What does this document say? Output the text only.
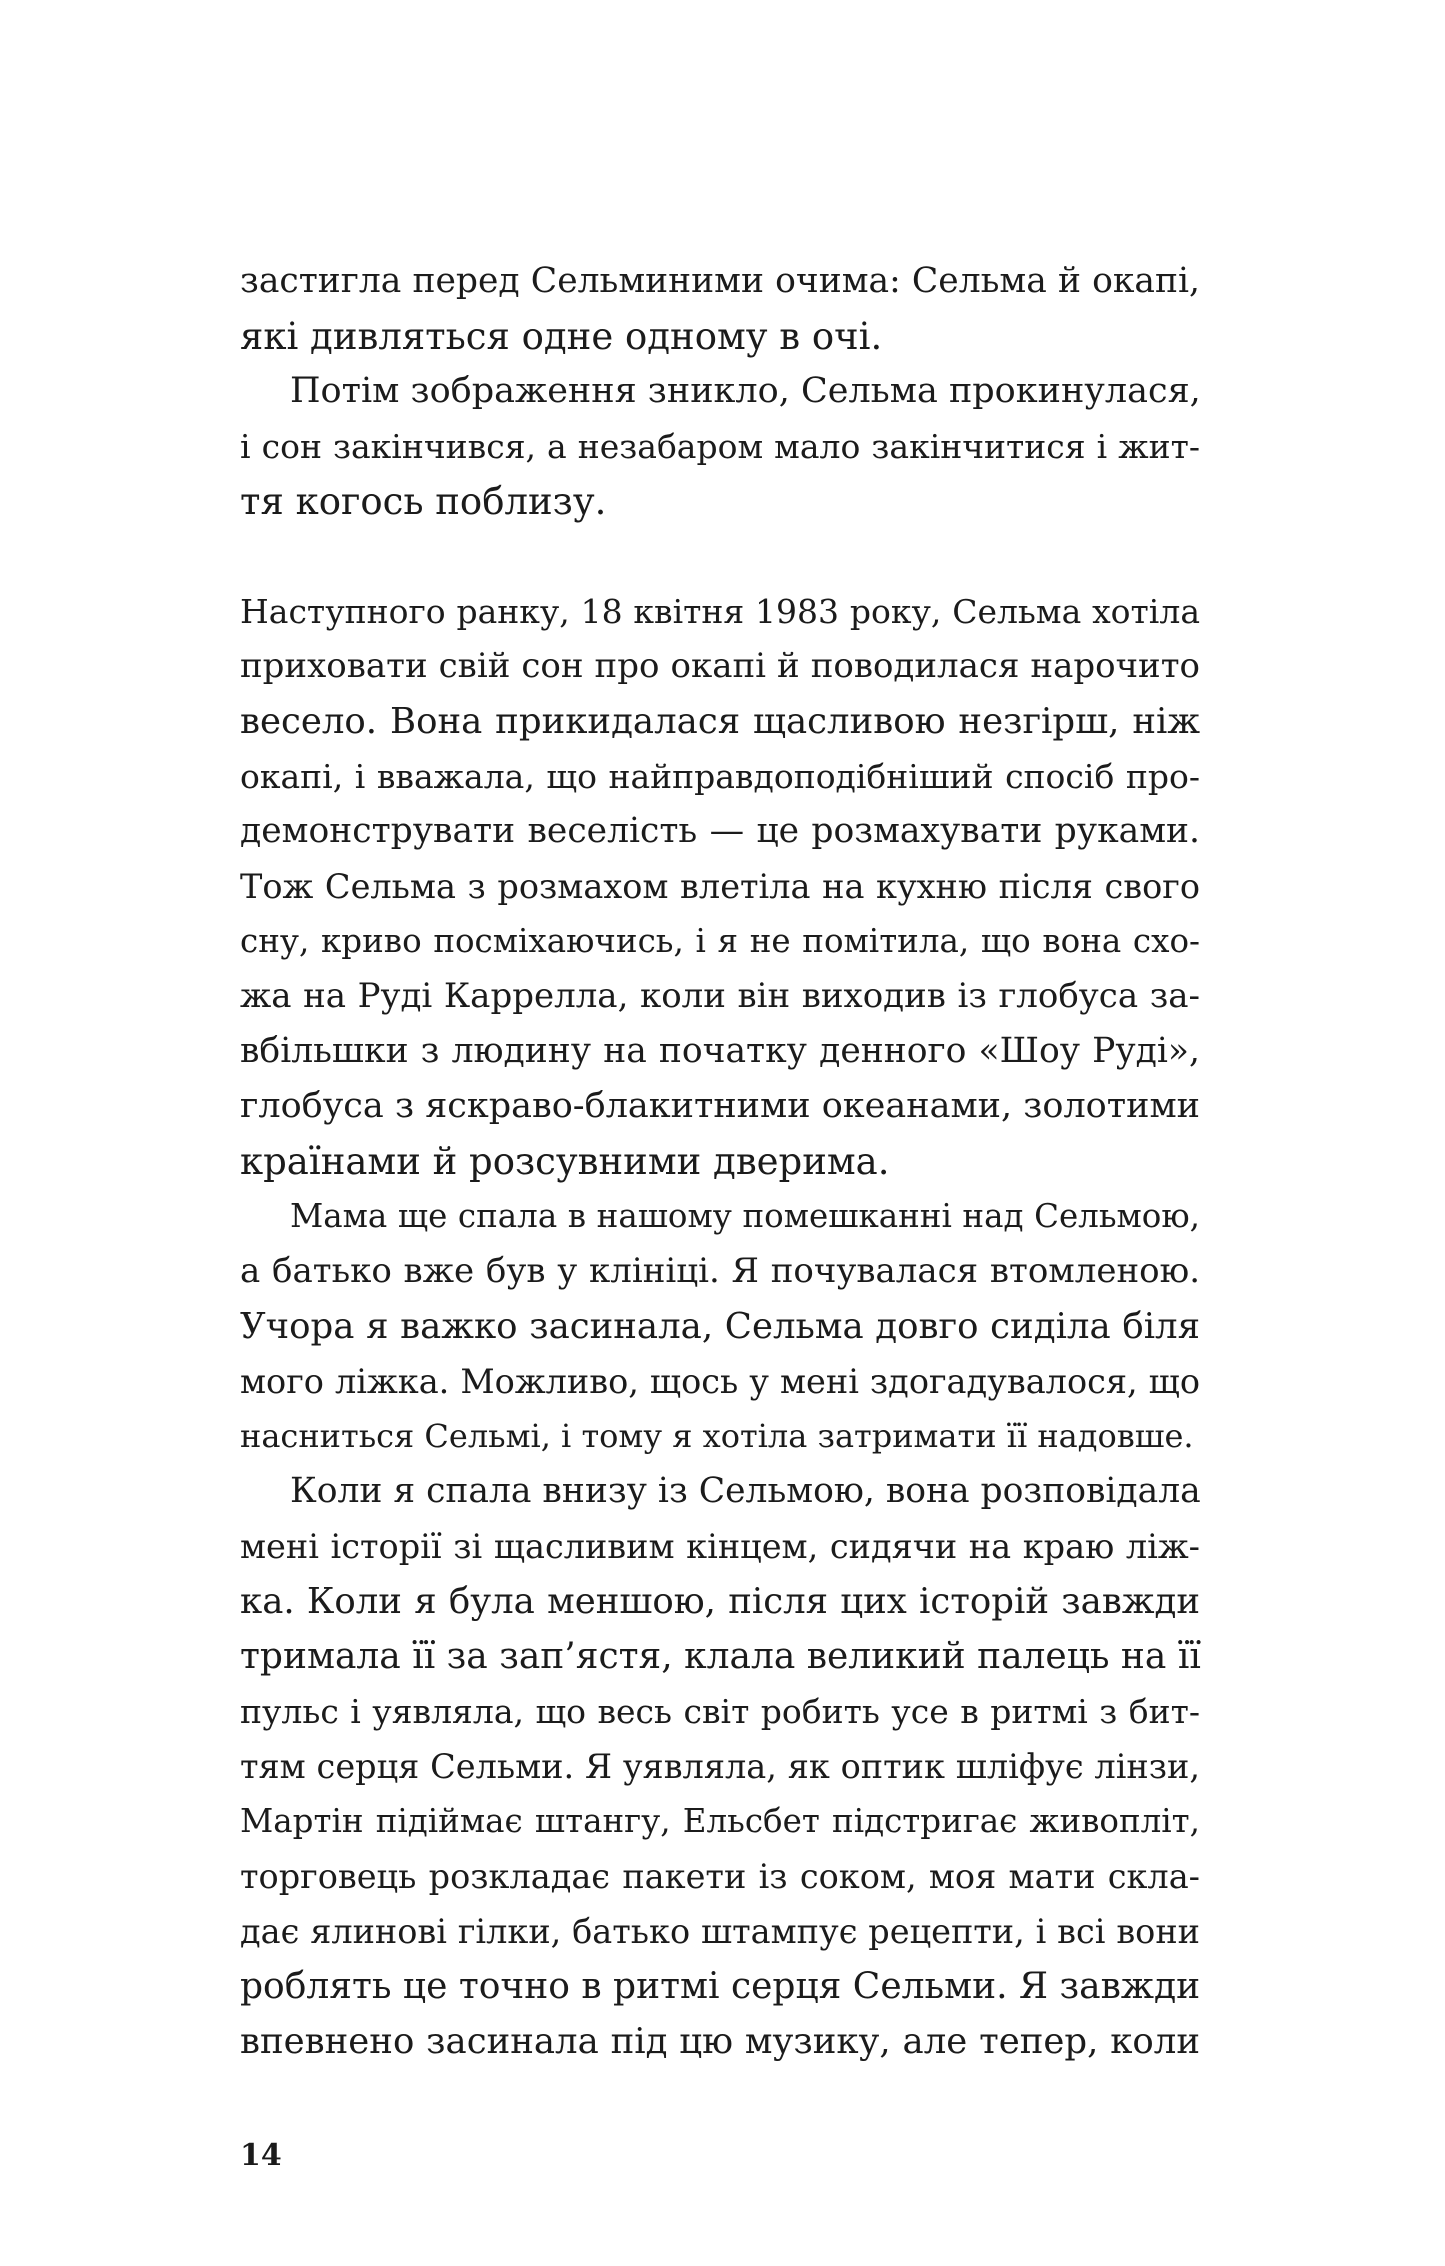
застигла перед Сельминими очима: Сельма й окапі,
які дивляться одне одному в очі.
Потім зображення зникло, Сельма прокинулася,
і сон закінчився, а незабаром мало закінчитися і жит-
тя когось поблизу.
Наступного ранку, 18 квітня 1983 року, Сельма хотіла
приховати свій сон про окапі й поводилася нарочито
весело. Вона прикидалася щасливою незгірш, ніж
окапі, і вважала, що найправдоподібніший спосіб про-
демонструвати веселість — це розмахувати руками.
Тож Сельма з розмахом влетіла на кухню після свого
сну, криво посміхаючись, і я не помітила, що вона схо-
жа на Руді Каррелла, коли він виходив із глобуса за-
вбільшки з людину на початку денного «Шоу Руді»,
глобуса з яскраво-блакитними океанами, золотими
країнами й розсувними дверима.
Мама ще спала в нашому помешканні над Сельмою,
а батько вже був у клініці. Я почувалася втомленою.
Учора я важко засинала, Сельма довго сиділа біля
мого ліжка. Можливо, щось у мені здогадувалося, що
насниться Сельмі, і тому я хотіла затримати її надовше.
Коли я спала внизу із Сельмою, вона розповідала
мені історії зі щасливим кінцем, сидячи на краю ліж-
ка. Коли я була меншою, після цих історій завжди
тримала її за зап’ястя, клала великий палець на її
пульс і уявляла, що весь світ робить усе в ритмі з бит-
тям серця Сельми. Я уявляла, як оптик шліфує лінзи,
Мартін підіймає штангу, Ельсбет підстригає живопліт,
торговець розкладає пакети із соком, моя мати скла-
дає ялинові гілки, батько штампує рецепти, і всі вони
роблять це точно в ритмі серця Сельми. Я завжди
впевнено засинала під цю музику, але тепер, коли
14
